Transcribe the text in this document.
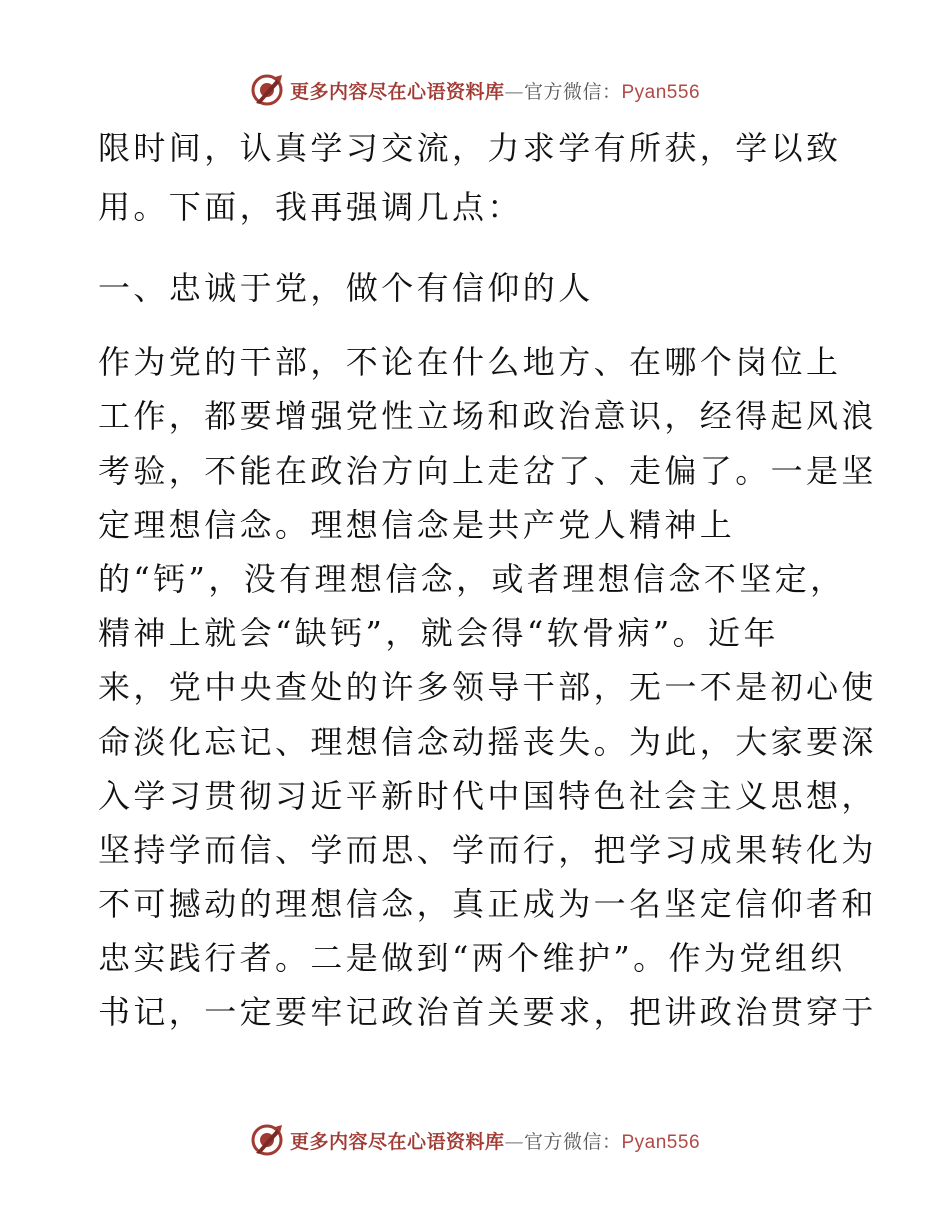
更多内容尽在心语资料库—官方微信：Pyan556
限时间，认真学习交流，力求学有所获，学以致
用。下面，我再强调几点：
一、忠诚于党，做个有信仰的人
作为党的干部，不论在什么地方、在哪个岗位上
工作，都要增强党性立场和政治意识，经得起风浪
考验，不能在政治方向上走岔了、走偏了。一是坚
定理想信念。理想信念是共产党人精神上
的“钙”，没有理想信念，或者理想信念不坚定，
精神上就会“缺钙”，就会得“软骨病”。近年
来，党中央查处的许多领导干部，无一不是初心使
命淡化忘记、理想信念动摇丧失。为此，大家要深
入学习贯彻习近平新时代中国特色社会主义思想，
坚持学而信、学而思、学而行，把学习成果转化为
不可撼动的理想信念，真正成为一名坚定信仰者和
忠实践行者。二是做到“两个维护”。作为党组织
书记，一定要牢记政治首关要求，把讲政治贯穿于
更多内容尽在心语资料库—官方微信：Pyan556
